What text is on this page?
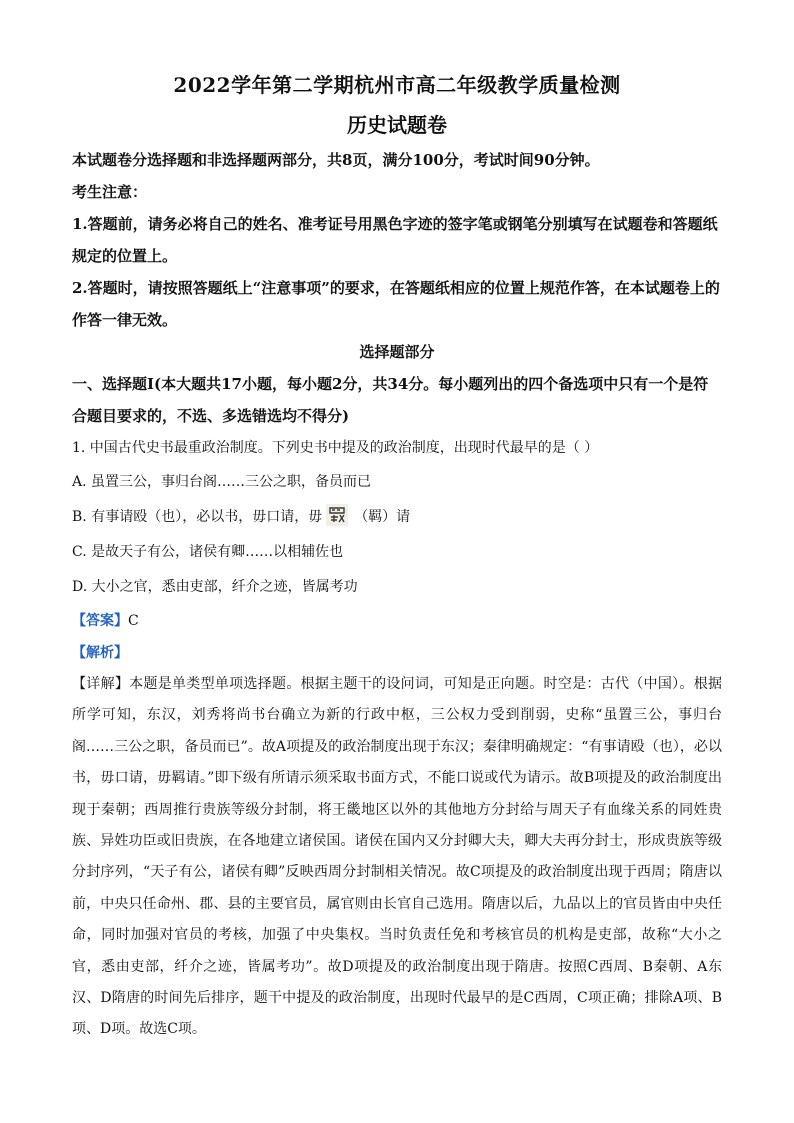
2022学年第二学期杭州市高二年级教学质量检测

历史试题卷

本试题卷分选择题和非选择题两部分，共8页，满分100分，考试时间90分钟。

考生注意：

1.答题前，请务必将自己的姓名、准考证号用黑色字迹的签字笔或钢笔分别填写在试题卷和答题纸规定的位置上。

2.答题时，请按照答题纸上“注意事项”的要求，在答题纸相应的位置上规范作答，在本试题卷上的作答一律无效。

选择题部分

一、选择题Ⅰ(本大题共17小题，每小题2分，共34分。每小题列出的四个备选项中只有一个是符合题目要求的，不选、多选错选均不得分)

1. 中国古代史书最重政治制度。下列史书中提及的政治制度，出现时代最早的是（ ）

A. 虽置三公，事归台阁……三公之职，备员而已

B. 有事请殴（也），必以书，毋口请，毋 （羁）请

C. 是故天子有公，诸侯有卿……以相辅佐也

D. 大小之官，悉由吏部，纤介之迹，皆属考功

【答案】C

【解析】

【详解】本题是单类型单项选择题。根据主题干的设问词，可知是正向题。时空是：古代（中国）。根据所学可知，东汉，刘秀将尚书台确立为新的行政中枢，三公权力受到削弱，史称“虽置三公，事归台阁……三公之职，备员而已”。故A项提及的政治制度出现于东汉；秦律明确规定：“有事请殴（也），必以书，毋口请，毋羁请。”即下级有所请示须采取书面方式，不能口说或代为请示。故B项提及的政治制度出现于秦朝；西周推行贵族等级分封制，将王畿地区以外的其他地方分封给与周天子有血缘关系的同姓贵族、异姓功臣或旧贵族，在各地建立诸侯国。诸侯在国内又分封卿大夫，卿大夫再分封士，形成贵族等级分封序列，“天子有公，诸侯有卿”反映西周分封制相关情况。故C项提及的政治制度出现于西周；隋唐以前，中央只任命州、郡、县的主要官员，属官则由长官自己选用。隋唐以后，九品以上的官员皆由中央任命，同时加强对官员的考核，加强了中央集权。当时负责任免和考核官员的机构是吏部，故称“大小之官，悉由吏部，纤介之迹，皆属考功”。故D项提及的政治制度出现于隋唐。按照C西周、B秦朝、A东汉、D隋唐的时间先后排序，题干中提及的政治制度，出现时代最早的是C西周，C项正确；排除A项、B项、D项。故选C项。
